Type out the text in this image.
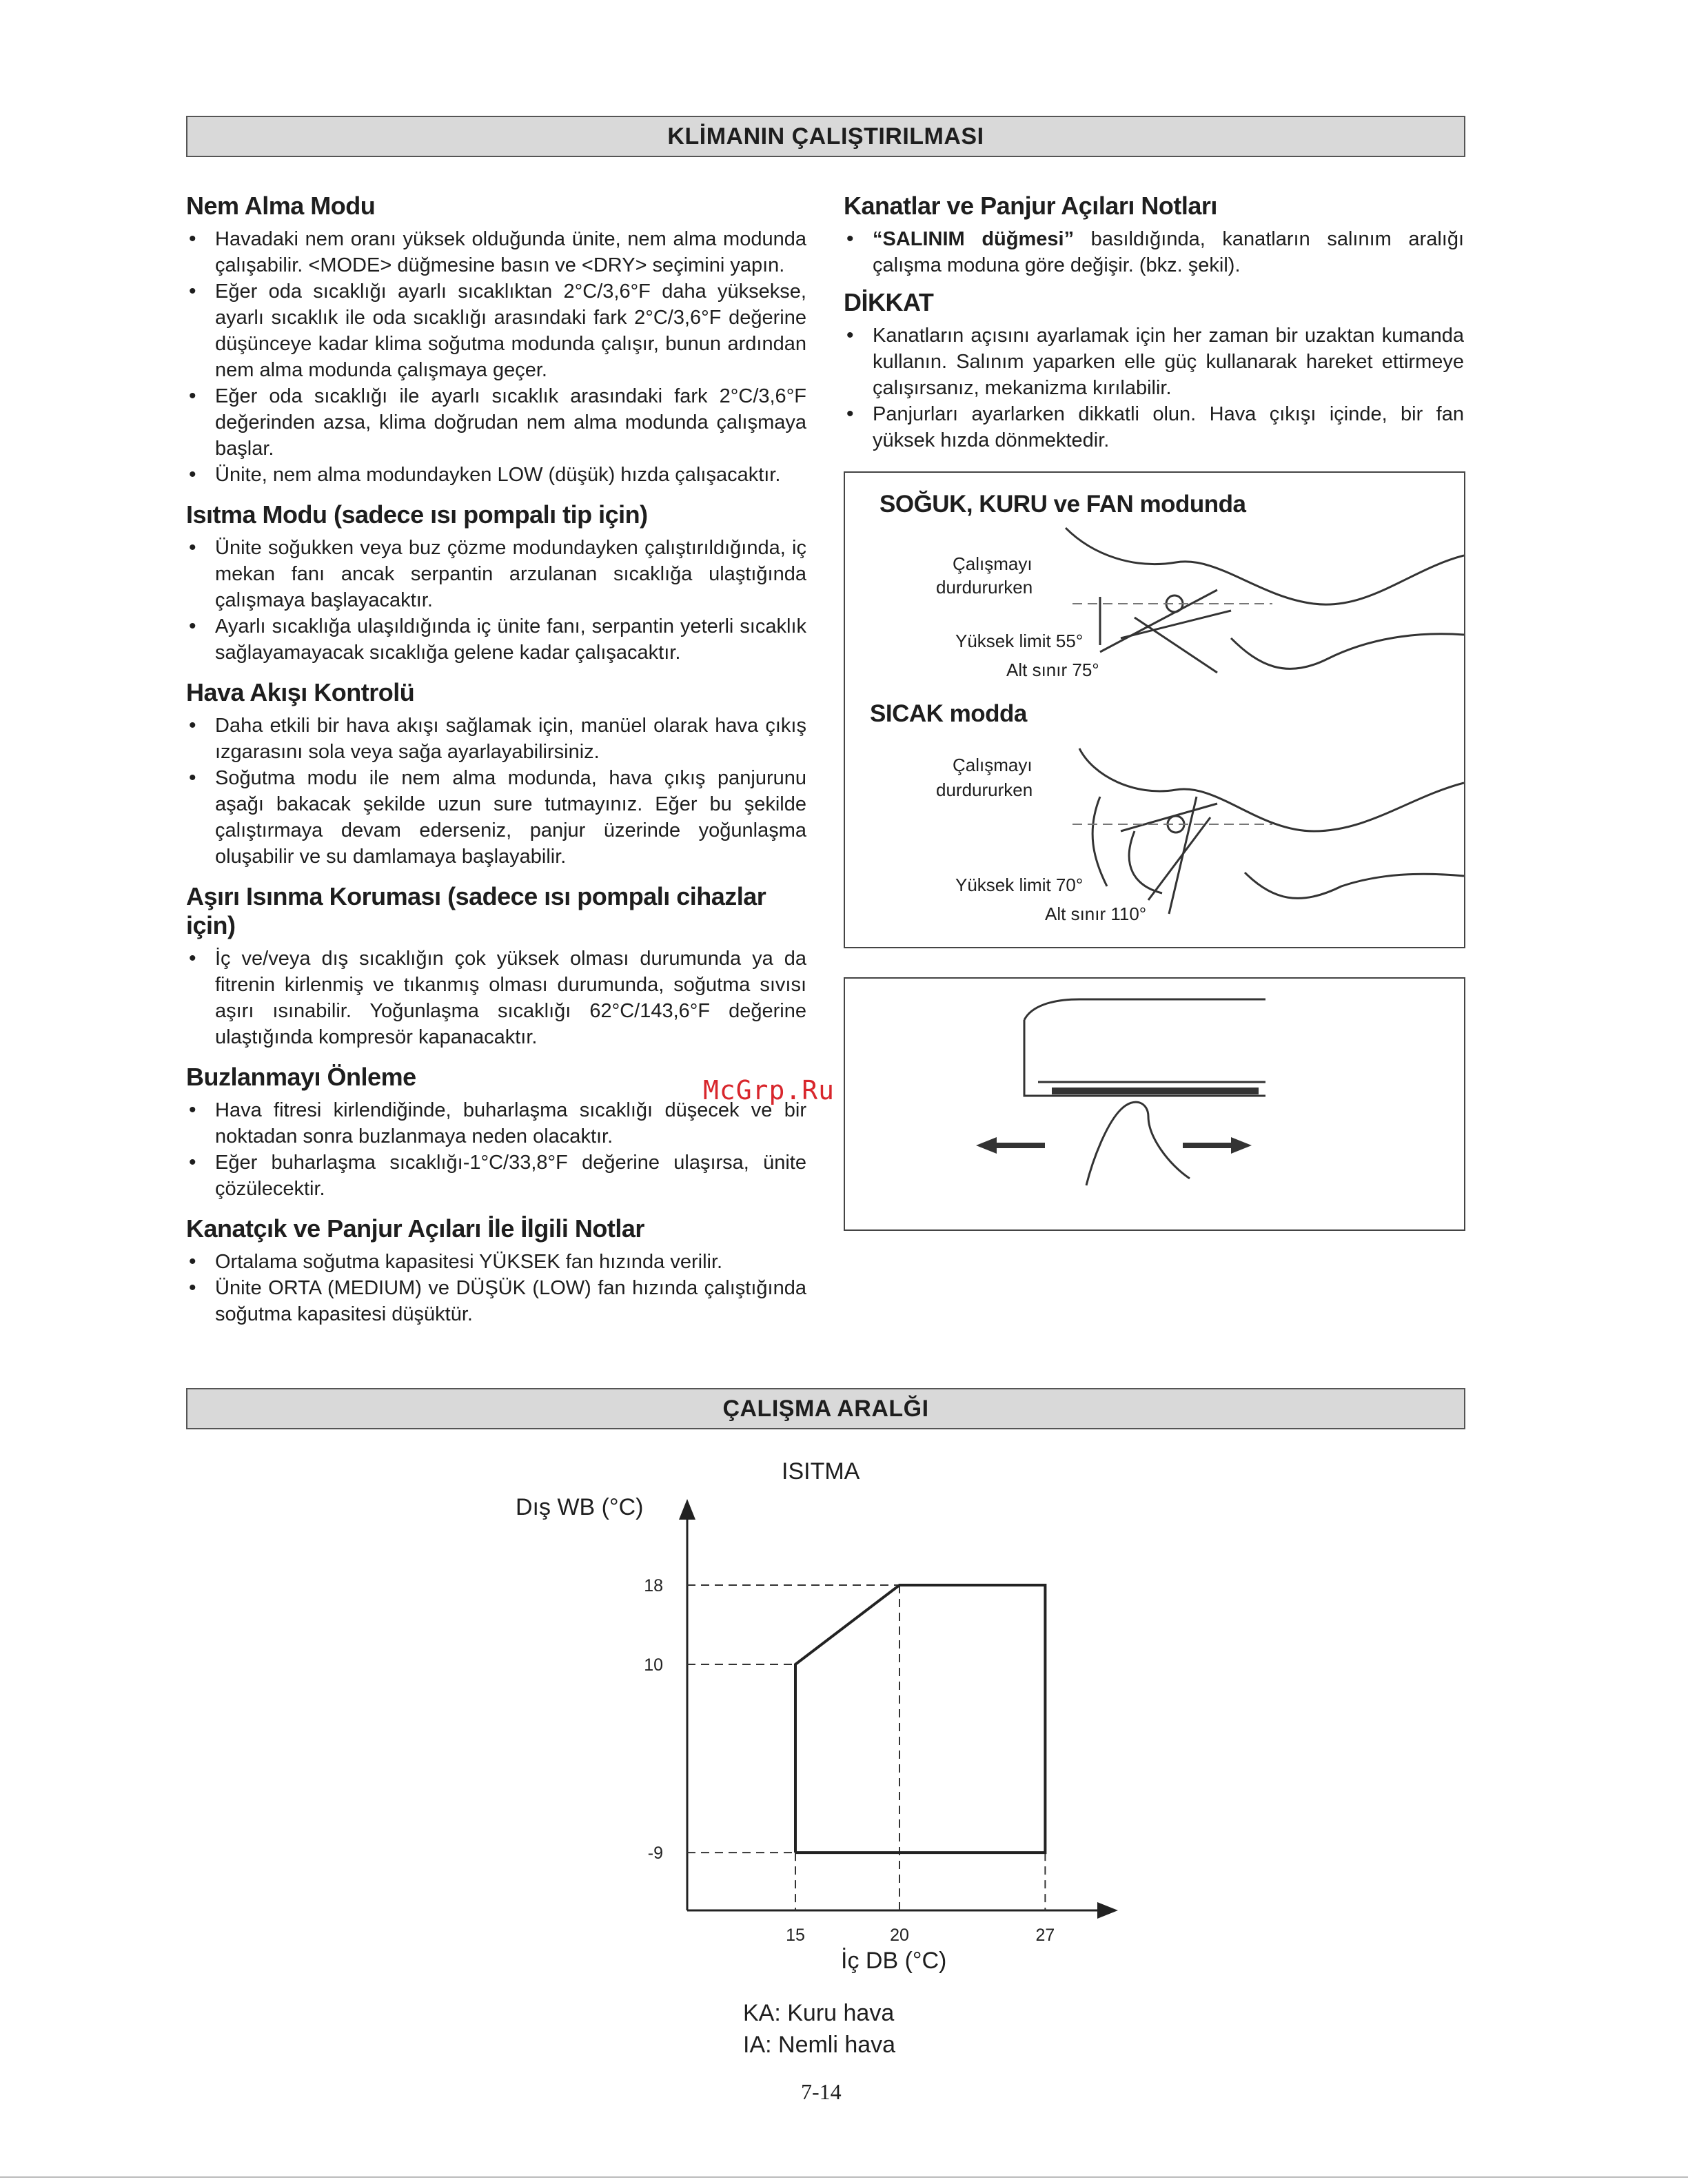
KLİMANIN ÇALIŞTIRILMASI
Nem Alma Modu
• Havadaki nem oranı yüksek olduğunda ünite, nem alma modunda çalışabilir. <MODE> düğmesine basın ve <DRY> seçimini yapın.
• Eğer oda sıcaklığı ayarlı sıcaklıktan 2°C/3,6°F daha yüksekse, ayarlı sıcaklık ile oda sıcaklığı arasındaki fark 2°C/3,6°F değerine düşünceye kadar klima soğutma modunda çalışır, bunun ardından nem alma modunda çalışmaya geçer.
• Eğer oda sıcaklığı ile ayarlı sıcaklık arasındaki fark 2°C/3,6°F değerinden azsa, klima doğrudan nem alma modunda çalışmaya başlar.
• Ünite, nem alma modundayken LOW (düşük) hızda çalışacaktır.
Isıtma Modu (sadece ısı pompalı tip için)
• Ünite soğukken veya buz çözme modundayken çalıştırıldığında, iç mekan fanı ancak serpantin arzulanan sıcaklığa ulaştığında çalışmaya başlayacaktır.
• Ayarlı sıcaklığa ulaşıldığında iç ünite fanı, serpantin yeterli sıcaklık sağlayamayacak sıcaklığa gelene kadar çalışacaktır.
Hava Akışı Kontrolü
• Daha etkili bir hava akışı sağlamak için, manüel olarak hava çıkış ızgarasını sola veya sağa ayarlayabilirsiniz.
• Soğutma modu ile nem alma modunda, hava çıkış panjurunu aşağı bakacak şekilde uzun sure tutmayınız. Eğer bu şekilde çalıştırmaya devam ederseniz, panjur üzerinde yoğunlaşma oluşabilir ve su damlamaya başlayabilir.
Aşırı Isınma Koruması (sadece ısı pompalı cihazlar için)
• İç ve/veya dış sıcaklığın çok yüksek olması durumunda ya da fitrenin kirlenmiş ve tıkanmış olması durumunda, soğutma sıvısı aşırı ısınabilir. Yoğunlaşma sıcaklığı 62°C/143,6°F değerine ulaştığında kompresör kapanacaktır.
Buzlanmayı Önleme
• Hava fitresi kirlendiğinde, buharlaşma sıcaklığı düşecek ve bir noktadan sonra buzlanmaya neden olacaktır.
• Eğer buharlaşma sıcaklığı-1°C/33,8°F değerine ulaşırsa, ünite çözülecektir.
Kanatçık ve Panjur Açıları İle İlgili Notlar
• Ortalama soğutma kapasitesi YÜKSEK fan hızında verilir.
• Ünite ORTA (MEDIUM) ve DÜŞÜK (LOW) fan hızında çalıştığında soğutma kapasitesi düşüktür.
Kanatlar ve Panjur Açıları Notları
• “SALINIM düğmesi” basıldığında, kanatların salınım aralığı çalışma moduna göre değişir. (bkz. şekil).
DİKKAT
• Kanatların açısını ayarlamak için her zaman bir uzaktan kumanda kullanın. Salınım yaparken elle güç kullanarak hareket ettirmeye çalışırsanız, mekanizma kırılabilir.
• Panjurları ayarlarken dikkatli olun. Hava çıkışı içinde, bir fan yüksek hızda dönmektedir.
SOĞUK, KURU ve FAN modunda
Çalışmayı
durdururken
Yüksek limit 55°
Alt sınır 75°
SICAK modda
Çalışmayı
durdururken
Yüksek limit 70°
Alt sınır 110°
McGrp.Ru
ÇALIŞMA ARALĞI
ISITMA
Dış WB (°C)
İç DB (°C)
18
10
-9
15	20	27
KA: Kuru hava
IA: Nemli hava
7-14
